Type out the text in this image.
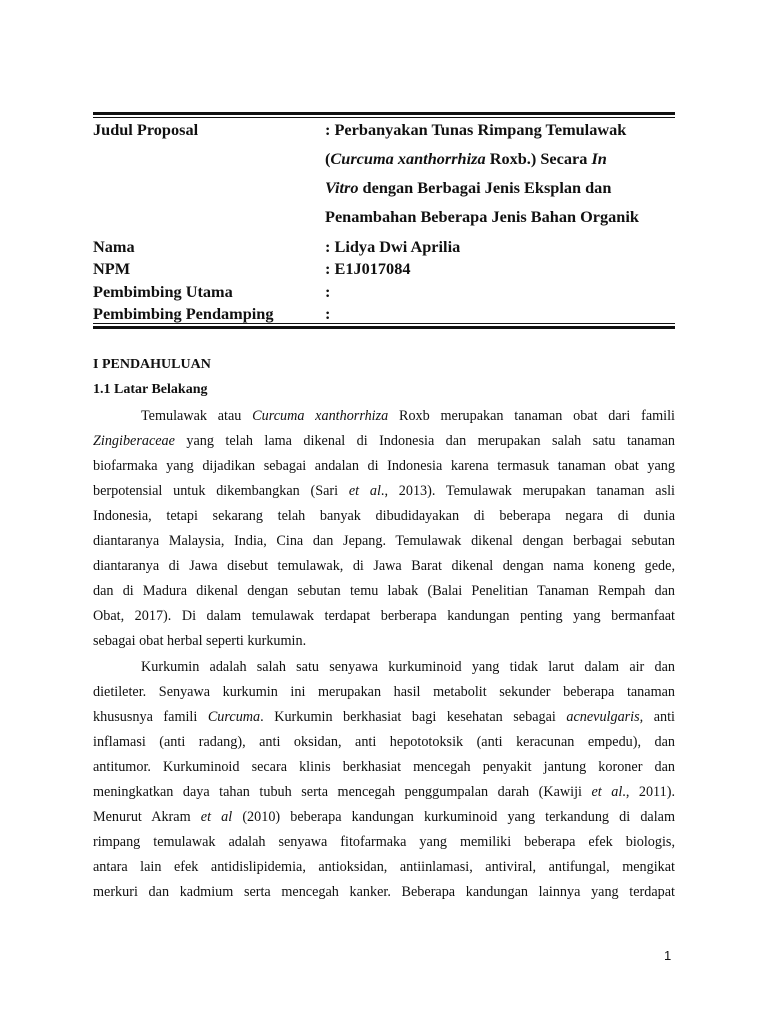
Judul Proposal	: Perbanyakan Tunas Rimpang Temulawak
(Curcuma xanthorrhiza Roxb.) Secara In
Vitro dengan Berbagai Jenis Eksplan dan
Penambahan Beberapa Jenis Bahan Organik
Nama	: Lidya Dwi Aprilia
NPM	: E1J017084
Pembimbing Utama	:
Pembimbing Pendamping	:
I PENDAHULUAN
1.1 Latar Belakang
Temulawak atau Curcuma xanthorrhiza Roxb merupakan tanaman obat dari famili
Zingiberaceae yang telah lama dikenal di Indonesia dan merupakan salah satu tanaman
biofarmaka yang dijadikan sebagai andalan di Indonesia karena termasuk tanaman obat yang
berpotensial untuk dikembangkan (Sari et al., 2013). Temulawak merupakan tanaman asli
Indonesia, tetapi sekarang telah banyak dibudidayakan di beberapa negara di dunia
diantaranya Malaysia, India, Cina dan Jepang. Temulawak dikenal dengan berbagai sebutan
diantaranya di Jawa disebut temulawak, di Jawa Barat dikenal dengan nama koneng gede,
dan di Madura dikenal dengan sebutan temu labak (Balai Penelitian Tanaman Rempah dan
Obat, 2017). Di dalam temulawak terdapat berberapa kandungan penting yang bermanfaat
sebagai obat herbal seperti kurkumin.
Kurkumin adalah salah satu senyawa kurkuminoid yang tidak larut dalam air dan
dietileter. Senyawa kurkumin ini merupakan hasil metabolit sekunder beberapa tanaman
khususnya famili Curcuma. Kurkumin berkhasiat bagi kesehatan sebagai acnevulgaris, anti
inflamasi (anti radang), anti oksidan, anti hepototoksik (anti keracunan empedu), dan
antitumor. Kurkuminoid secara klinis berkhasiat mencegah penyakit jantung koroner dan
meningkatkan daya tahan tubuh serta mencegah penggumpalan darah (Kawiji et al., 2011).
Menurut Akram et al (2010) beberapa kandungan kurkuminoid yang terkandung di dalam
rimpang temulawak adalah senyawa fitofarmaka yang memiliki beberapa efek biologis,
antara lain efek antidislipidemia, antioksidan, antiinlamasi, antiviral, antifungal, mengikat
merkuri dan kadmium serta mencegah kanker. Beberapa kandungan lainnya yang terdapat
1
